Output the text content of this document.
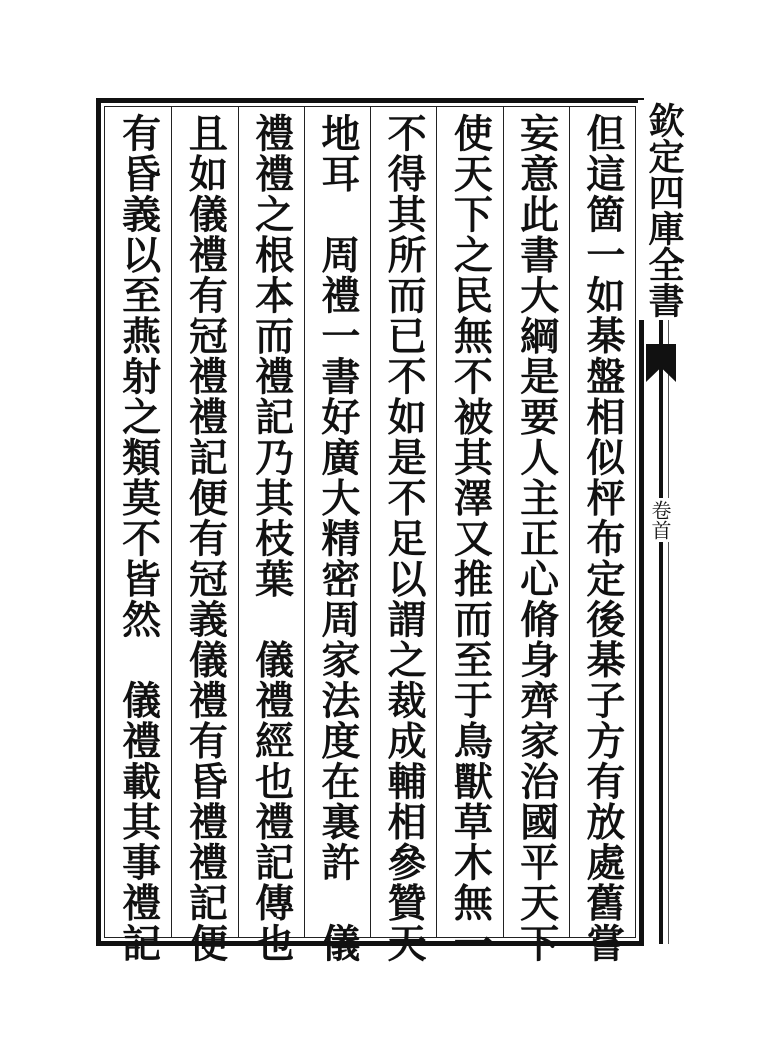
但這箇一如棊盤相似枰布定後棊子方有放處舊嘗
妄意此書大綱是要人主正心脩身齊家治國平天下
使天下之民無不被其澤又推而至于鳥獸草木無一
不得其所而已不如是不足以謂之裁成輔相參贊天
地耳　周禮一書好廣大精密周家法度在裏許　儀
禮禮之根本而禮記乃其枝葉　儀禮經也禮記傳也
且如儀禮有冠禮禮記便有冠義儀禮有昏禮禮記便
有昏義以至燕射之類莫不皆然　儀禮載其事禮記	欽定四庫全書
卷首
